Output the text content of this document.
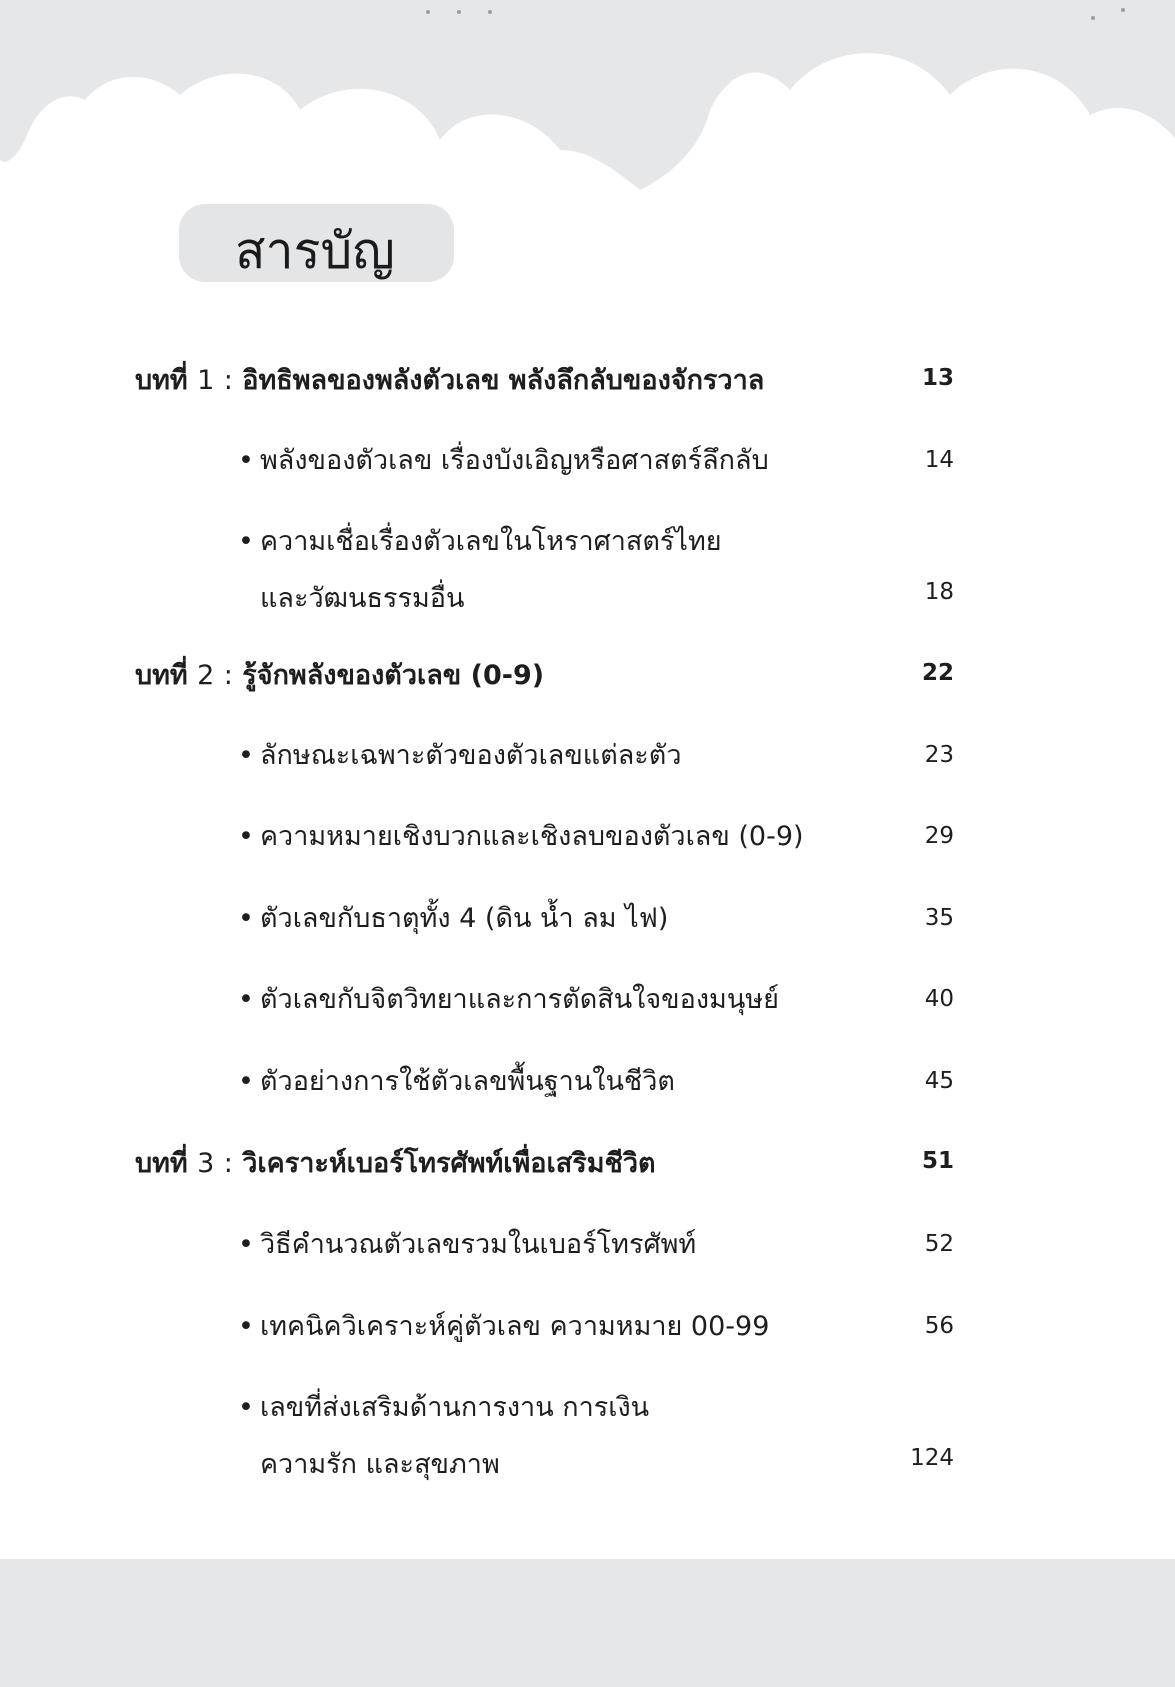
สารบัญ
บทที่ 1 : อิทธิพลของพลังตัวเลข พลังลึกลับของจักรวาล	13
• พลังของตัวเลข เรื่องบังเอิญหรือศาสตร์ลึกลับ	14
• ความเชื่อเรื่องตัวเลขในโหราศาสตร์ไทย
และวัฒนธรรมอื่น	18
บทที่ 2 : รู้จักพลังของตัวเลข (0-9)	22
• ลักษณะเฉพาะตัวของตัวเลขแต่ละตัว	23
• ความหมายเชิงบวกและเชิงลบของตัวเลข (0-9)	29
• ตัวเลขกับธาตุทั้ง 4 (ดิน น้ำ ลม ไฟ)	35
• ตัวเลขกับจิตวิทยาและการตัดสินใจของมนุษย์	40
• ตัวอย่างการใช้ตัวเลขพื้นฐานในชีวิต	45
บทที่ 3 : วิเคราะห์เบอร์โทรศัพท์เพื่อเสริมชีวิต	51
• วิธีคำนวณตัวเลขรวมในเบอร์โทรศัพท์	52
• เทคนิควิเคราะห์คู่ตัวเลข ความหมาย 00-99	56
• เลขที่ส่งเสริมด้านการงาน การเงิน
ความรัก และสุขภาพ	124
